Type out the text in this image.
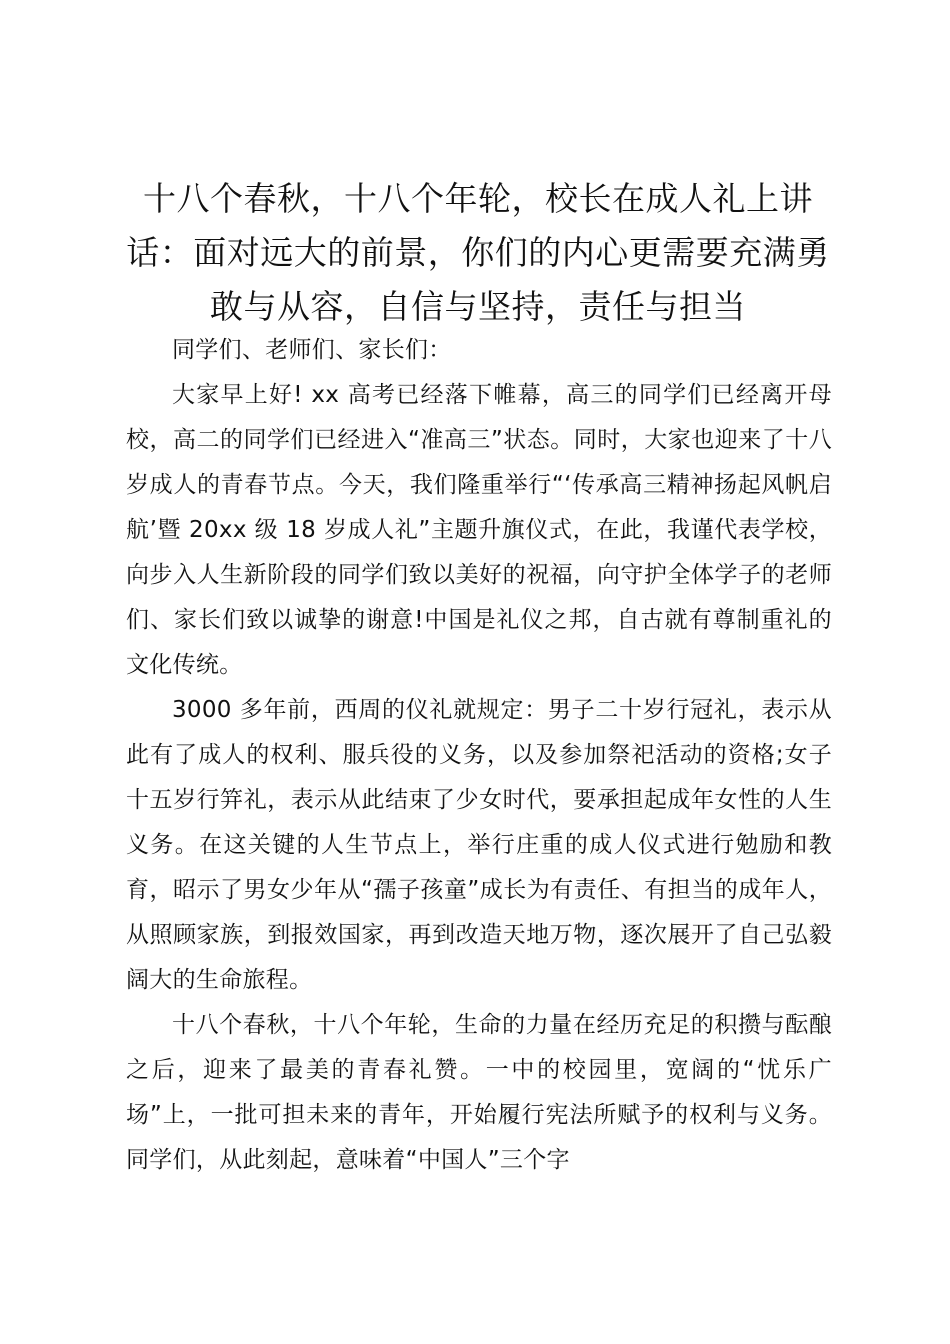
十八个春秋，十八个年轮，校长在成人礼上讲话：面对远大的前景，你们的内心更需要充满勇敢与从容，自信与坚持，责任与担当

同学们、老师们、家长们：

大家早上好! xx 高考已经落下帷幕，高三的同学们已经离开母校，高二的同学们已经进入“准高三”状态。同时，大家也迎来了十八岁成人的青春节点。今天，我们隆重举行“‘传承高三精神扬起风帆启航’暨 20xx 级 18 岁成人礼”主题升旗仪式，在此，我谨代表学校，向步入人生新阶段的同学们致以美好的祝福，向守护全体学子的老师们、家长们致以诚挚的谢意!中国是礼仪之邦，自古就有尊制重礼的文化传统。

3000 多年前，西周的仪礼就规定：男子二十岁行冠礼，表示从此有了成人的权利、服兵役的义务，以及参加祭祀活动的资格;女子十五岁行笄礼，表示从此结束了少女时代，要承担起成年女性的人生义务。在这关键的人生节点上，举行庄重的成人仪式进行勉励和教育，昭示了男女少年从“孺子孩童”成长为有责任、有担当的成年人，从照顾家族，到报效国家，再到改造天地万物，逐次展开了自己弘毅阔大的生命旅程。

十八个春秋，十八个年轮，生命的力量在经历充足的积攒与酝酿之后，迎来了最美的青春礼赞。一中的校园里，宽阔的“忧乐广场”上，一批可担未来的青年，开始履行宪法所赋予的权利与义务。同学们，从此刻起，意味着“中国人”三个字
